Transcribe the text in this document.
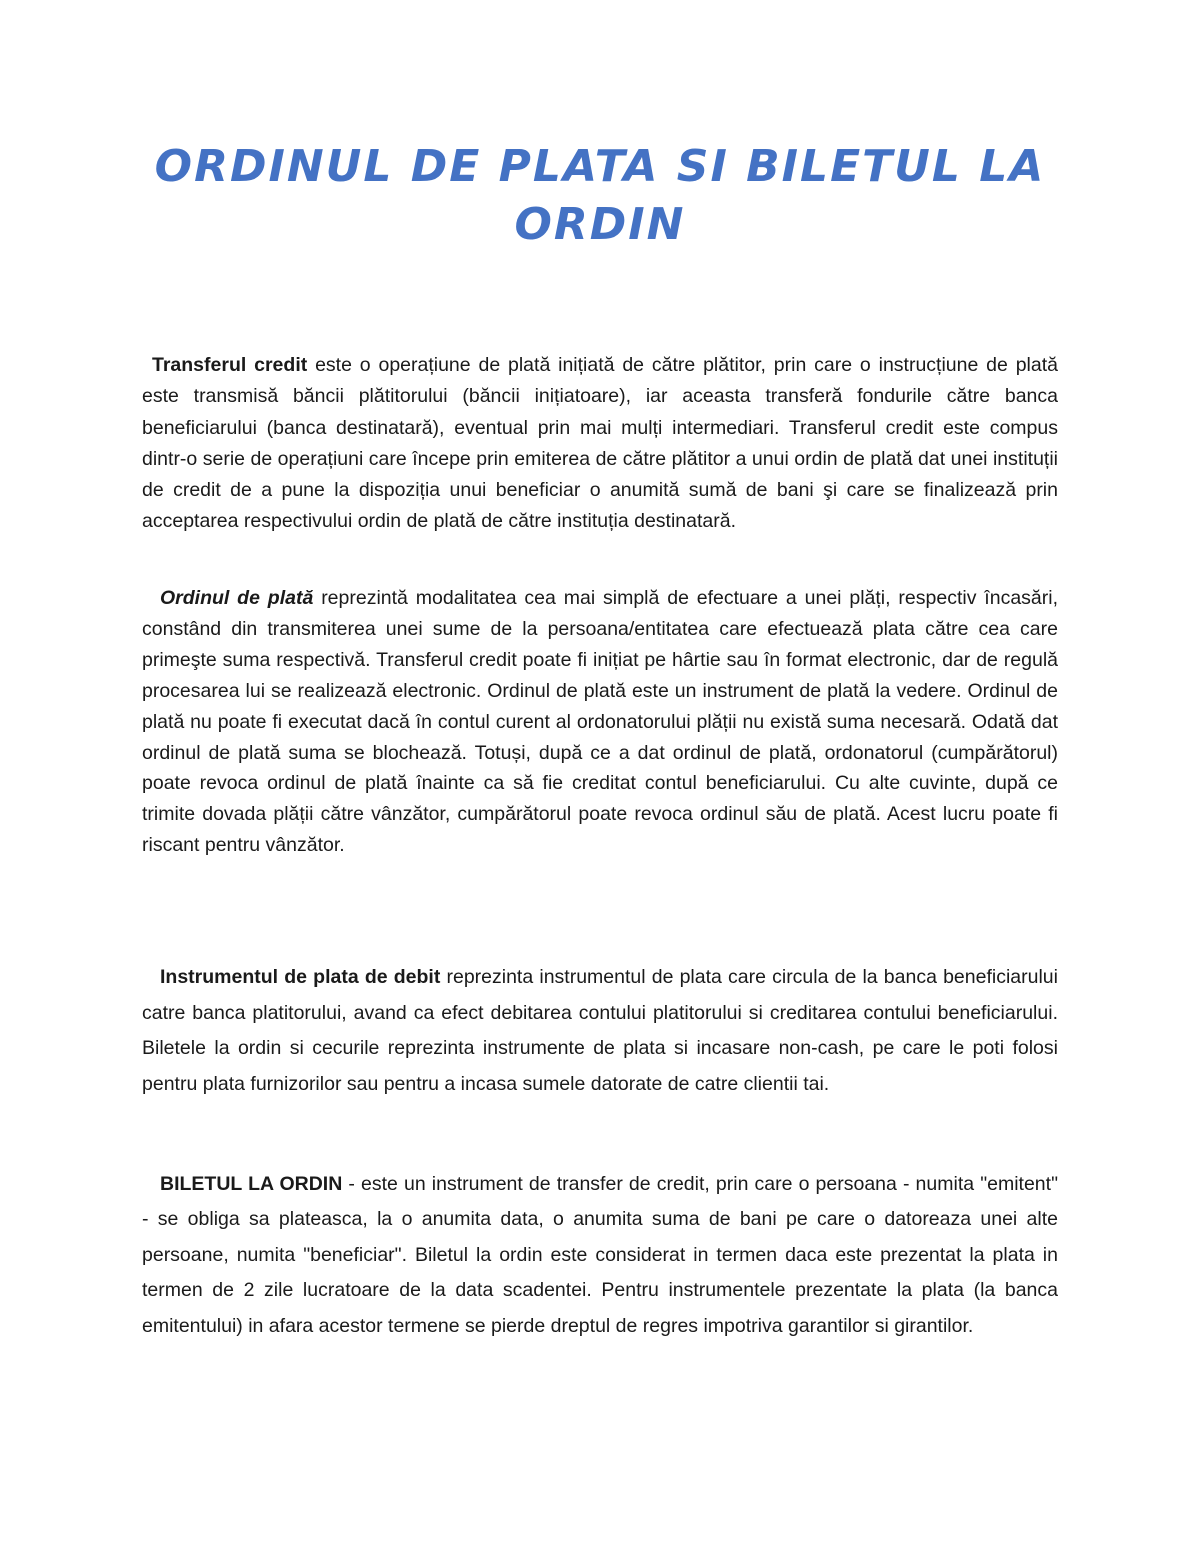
ORDINUL DE PLATA SI BILETUL LA ORDIN

Transferul credit este o operațiune de plată inițiată de către plătitor, prin care o instrucțiune de plată este transmisă băncii plătitorului (băncii inițiatoare), iar aceasta transferă fondurile către banca beneficiarului (banca destinatară), eventual prin mai mulți intermediari. Transferul credit este compus dintr-o serie de operațiuni care începe prin emiterea de către plătitor a unui ordin de plată dat unei instituții de credit de a pune la dispoziția unui beneficiar o anumită sumă de bani şi care se finalizează prin acceptarea respectivului ordin de plată de către instituția destinatară.

Ordinul de plată reprezintă modalitatea cea mai simplă de efectuare a unei plăți, respectiv încasări, constând din transmiterea unei sume de la persoana/entitatea care efectuează plata către cea care primeşte suma respectivă. Transferul credit poate fi inițiat pe hârtie sau în format electronic, dar de regulă procesarea lui se realizează electronic. Ordinul de plată este un instrument de plată la vedere. Ordinul de plată nu poate fi executat dacă în contul curent al ordonatorului plății nu există suma necesară. Odată dat ordinul de plată suma se blochează. Totuși, după ce a dat ordinul de plată, ordonatorul (cumpărătorul) poate revoca ordinul de plată înainte ca să fie creditat contul beneficiarului. Cu alte cuvinte, după ce trimite dovada plății către vânzător, cumpărătorul poate revoca ordinul său de plată. Acest lucru poate fi riscant pentru vânzător.

Instrumentul de plata de debit reprezinta instrumentul de plata care circula de la banca beneficiarului catre banca platitorului, avand ca efect debitarea contului platitorului si creditarea contului beneficiarului. Biletele la ordin si cecurile reprezinta instrumente de plata si incasare non-cash, pe care le poti folosi pentru plata furnizorilor sau pentru a incasa sumele datorate de catre clientii tai.

BILETUL LA ORDIN - este un instrument de transfer de credit, prin care o persoana - numita "emitent" - se obliga sa plateasca, la o anumita data, o anumita suma de bani pe care o datoreaza unei alte persoane, numita "beneficiar". Biletul la ordin este considerat in termen daca este prezentat la plata in termen de 2 zile lucratoare de la data scadentei. Pentru instrumentele prezentate la plata (la banca emitentului) in afara acestor termene se pierde dreptul de regres impotriva garantilor si girantilor.
